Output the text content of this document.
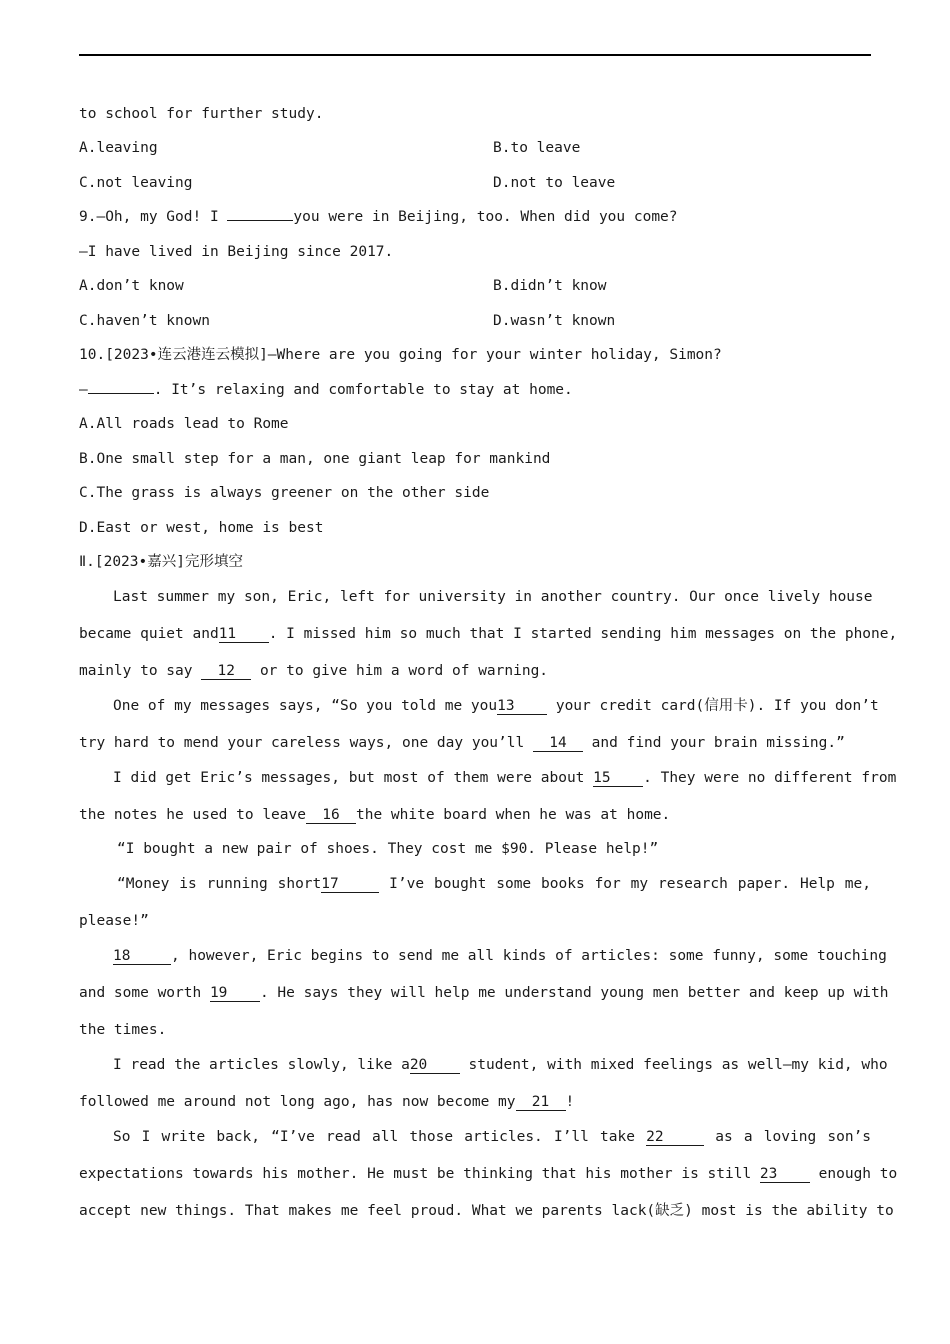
to school for further study.
A.leaving	B.to leave
C.not leaving	D.not to leave
9.—Oh, my God! I	you were in Beijing, too. When did you come?
—I have lived in Beijing since 2017.
A.don’t know	B.didn’t know
C.haven’t known	D.wasn’t known
10.[2023•连云港连云模拟]—Where are you going for your winter holiday, Simon?
—	. It’s relaxing and comfortable to stay at home.
A.All roads lead to Rome
B.One small step for a man, one giant leap for mankind
C.The grass is always greener on the other side
D.East or west, home is best
Ⅱ.[2023•嘉兴]完形填空
Last summer my son, Eric, left for university in another country. Our once lively house
became quiet and11 . I missed him so much that I started sending him messages on the phone,
mainly to say 12 or to give him a word of warning.
One of my messages says, “So you told me you13 your credit card(信用卡). If you don’t
try hard to mend your careless ways, one day you’ll 14 and find your brain missing.”
I did get Eric’s messages, but most of them were about 15 . They were no different from
the notes he used to leave 16 the white board when he was at home.
“I bought a new pair of shoes. They cost me $90. Please help!”
“Money is running short17	I’ve bought some books for my research paper. Help me,
please!”
18	, however, Eric begins to send me all kinds of articles: some funny, some touching
and some worth 19 . He says they will help me understand young men better and keep up with
the times.
I read the articles slowly, like a20 student, with mixed feelings as well—my kid, who
followed me around not long ago, has now become my 21 !
So I write back, “I’ve read all those articles. I’ll take 22	as a loving son’s
expectations towards his mother. He must be thinking that his mother is still 23 enough to
accept new things. That makes me feel proud. What we parents lack(缺乏) most is the ability to
